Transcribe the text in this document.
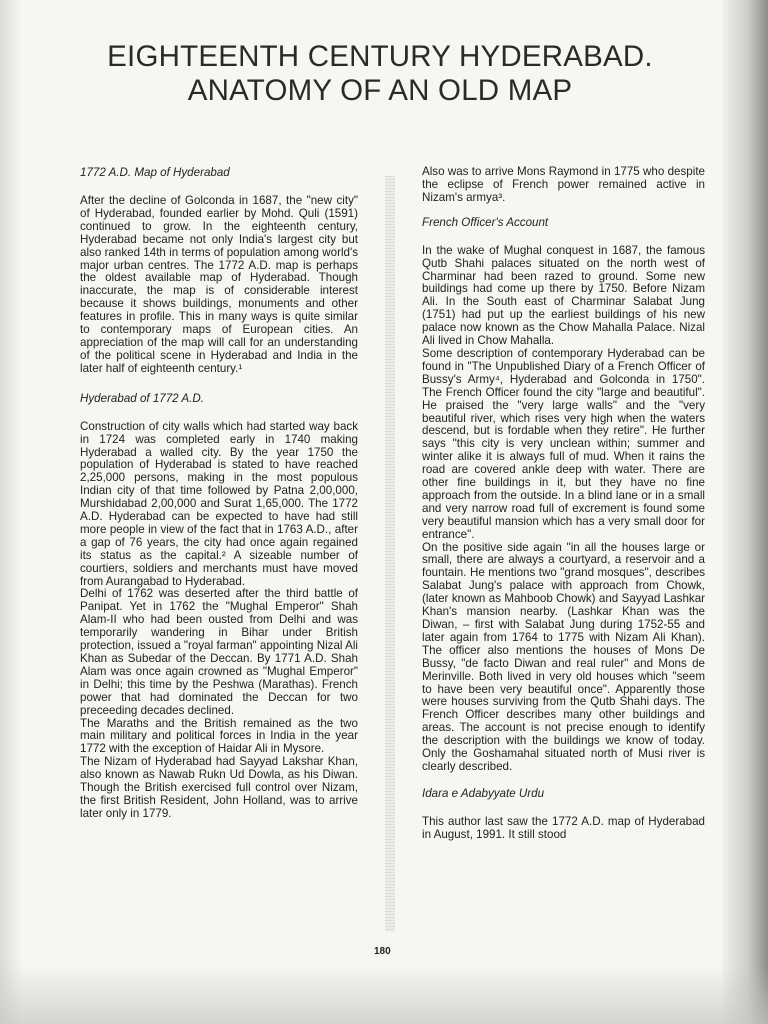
EIGHTEENTH CENTURY HYDERABAD.
ANATOMY OF AN OLD MAP
1772 A.D. Map of Hyderabad

After the decline of Golconda in 1687, the "new city" of Hyderabad, founded earlier by Mohd. Quli (1591) continued to grow. In the eighteenth century, Hyderabad became not only India's largest city but also ranked 14th in terms of population among world's major urban centres. The 1772 A.D. map is perhaps the oldest available map of Hyderabad. Though inaccurate, the map is of considerable interest because it shows buildings, monuments and other features in profile. This in many ways is quite similar to contemporary maps of European cities. An appreciation of the map will call for an understanding of the political scene in Hyderabad and India in the later half of eighteenth century.¹

Hyderabad of 1772 A.D.

Construction of city walls which had started way back in 1724 was completed early in 1740 making Hyderabad a walled city. By the year 1750 the population of Hyderabad is stated to have reached 2,25,000 persons, making in the most populous Indian city of that time followed by Patna 2,00,000, Murshidabad 2,00,000 and Surat 1,65,000. The 1772 A.D. Hyderabad can be expected to have had still more people in view of the fact that in 1763 A.D., after a gap of 76 years, the city had once again regained its status as the capital.² A sizeable number of courtiers, soldiers and merchants must have moved from Aurangabad to Hyderabad.

Delhi of 1762 was deserted after the third battle of Panipat. Yet in 1762 the "Mughal Emperor" Shah Alam-II who had been ousted from Delhi and was temporarily wandering in Bihar under British protection, issued a "royal farman" appointing Nizal Ali Khan as Subedar of the Deccan. By 1771 A.D. Shah Alam was once again crowned as "Mughal Emperor" in Delhi; this time by the Peshwa (Marathas). French power that had dominated the Deccan for two preceeding decades declined.

The Maraths and the British remained as the two main military and political forces in India in the year 1772 with the exception of Haidar Ali in Mysore.

The Nizam of Hyderabad had Sayyad Lakshar Khan, also known as Nawab Rukn Ud Dowla, as his Diwan. Though the British exercised full control over Nizam, the first British Resident, John Holland, was to arrive later only in 1779.

Also was to arrive Mons Raymond in 1775 who despite the eclipse of French power remained active in Nizam's armya³.

French Officer's Account

In the wake of Mughal conquest in 1687, the famous Qutb Shahi palaces situated on the north west of Charminar had been razed to ground. Some new buildings had come up there by 1750. Before Nizam Ali. In the South east of Charminar Salabat Jung (1751) had put up the earliest buildings of his new palace now known as the Chow Mahalla Palace. Nizal Ali lived in Chow Mahalla.

Some description of contemporary Hyderabad can be found in "The Unpublished Diary of a French Officer of Bussy's Army⁴, Hyderabad and Golconda in 1750". The French Officer found the city "large and beautiful". He praised the "very large walls" and the "very beautiful river, which rises very high when the waters descend, but is fordable when they retire". He further says "this city is very unclean within; summer and winter alike it is always full of mud. When it rains the road are covered ankle deep with water. There are other fine buildings in it, but they have no fine approach from the outside. In a blind lane or in a small and very narrow road full of excrement is found some very beautiful mansion which has a very small door for entrance".

On the positive side again "in all the houses large or small, there are always a courtyard, a reservoir and a fountain. He mentions two "grand mosques", describes Salabat Jung's palace with approach from Chowk, (later known as Mahboob Chowk) and Sayyad Lashkar Khan's mansion nearby. (Lashkar Khan was the Diwan, – first with Salabat Jung during 1752-55 and later again from 1764 to 1775 with Nizam Ali Khan). The officer also mentions the houses of Mons De Bussy, "de facto Diwan and real ruler" and Mons de Merinville. Both lived in very old houses which "seem to have been very beautiful once". Apparently those were houses surviving from the Qutb Shahi days. The French Officer describes many other buildings and areas. The account is not precise enough to identify the description with the buildings we know of today. Only the Goshamahal situated north of Musi river is clearly described.

Idara e Adabyyate Urdu

This author last saw the 1772 A.D. map of Hyderabad in August, 1991. It still stood

180
